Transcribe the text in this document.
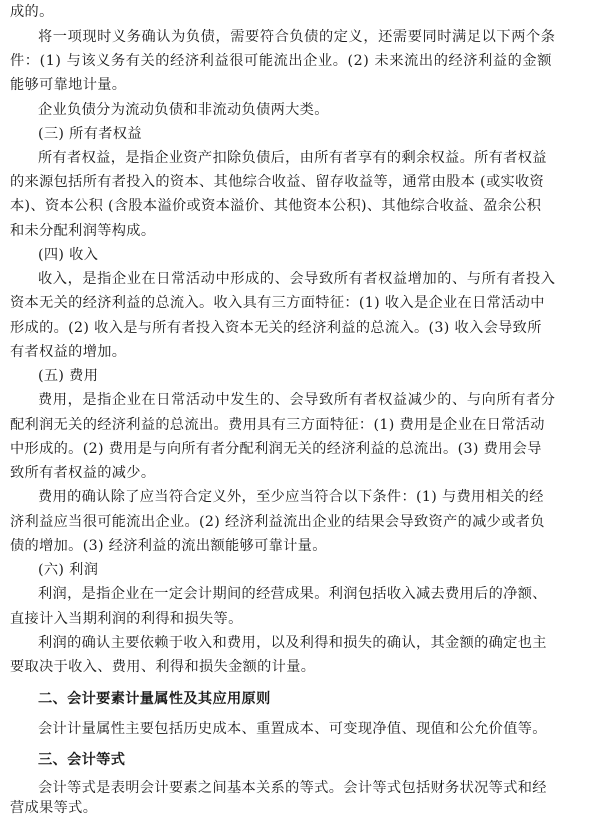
成的。
将一项现时义务确认为负债，需要符合负债的定义，还需要同时满足以下两个条
件：(1) 与该义务有关的经济利益很可能流出企业。(2) 未来流出的经济利益的金额
能够可靠地计量。
企业负债分为流动负债和非流动负债两大类。
(三) 所有者权益
所有者权益，是指企业资产扣除负债后，由所有者享有的剩余权益。所有者权益
的来源包括所有者投入的资本、其他综合收益、留存收益等，通常由股本 (或实收资
本)、资本公积 (含股本溢价或资本溢价、其他资本公积)、其他综合收益、盈余公积
和未分配利润等构成。
(四) 收入
收入，是指企业在日常活动中形成的、会导致所有者权益增加的、与所有者投入
资本无关的经济利益的总流入。收入具有三方面特征：(1) 收入是企业在日常活动中
形成的。(2) 收入是与所有者投入资本无关的经济利益的总流入。(3) 收入会导致所
有者权益的增加。
(五) 费用
费用，是指企业在日常活动中发生的、会导致所有者权益减少的、与向所有者分
配利润无关的经济利益的总流出。费用具有三方面特征：(1) 费用是企业在日常活动
中形成的。(2) 费用是与向所有者分配利润无关的经济利益的总流出。(3) 费用会导
致所有者权益的减少。
费用的确认除了应当符合定义外，至少应当符合以下条件：(1) 与费用相关的经
济利益应当很可能流出企业。(2) 经济利益流出企业的结果会导致资产的减少或者负
债的增加。(3) 经济利益的流出额能够可靠计量。
(六) 利润
利润，是指企业在一定会计期间的经营成果。利润包括收入减去费用后的净额、
直接计入当期利润的利得和损失等。
利润的确认主要依赖于收入和费用，以及利得和损失的确认，其金额的确定也主
要取决于收入、费用、利得和损失金额的计量。
二、会计要素计量属性及其应用原则
会计计量属性主要包括历史成本、重置成本、可变现净值、现值和公允价值等。
三、会计等式
会计等式是表明会计要素之间基本关系的等式。会计等式包括财务状况等式和经
营成果等式。
